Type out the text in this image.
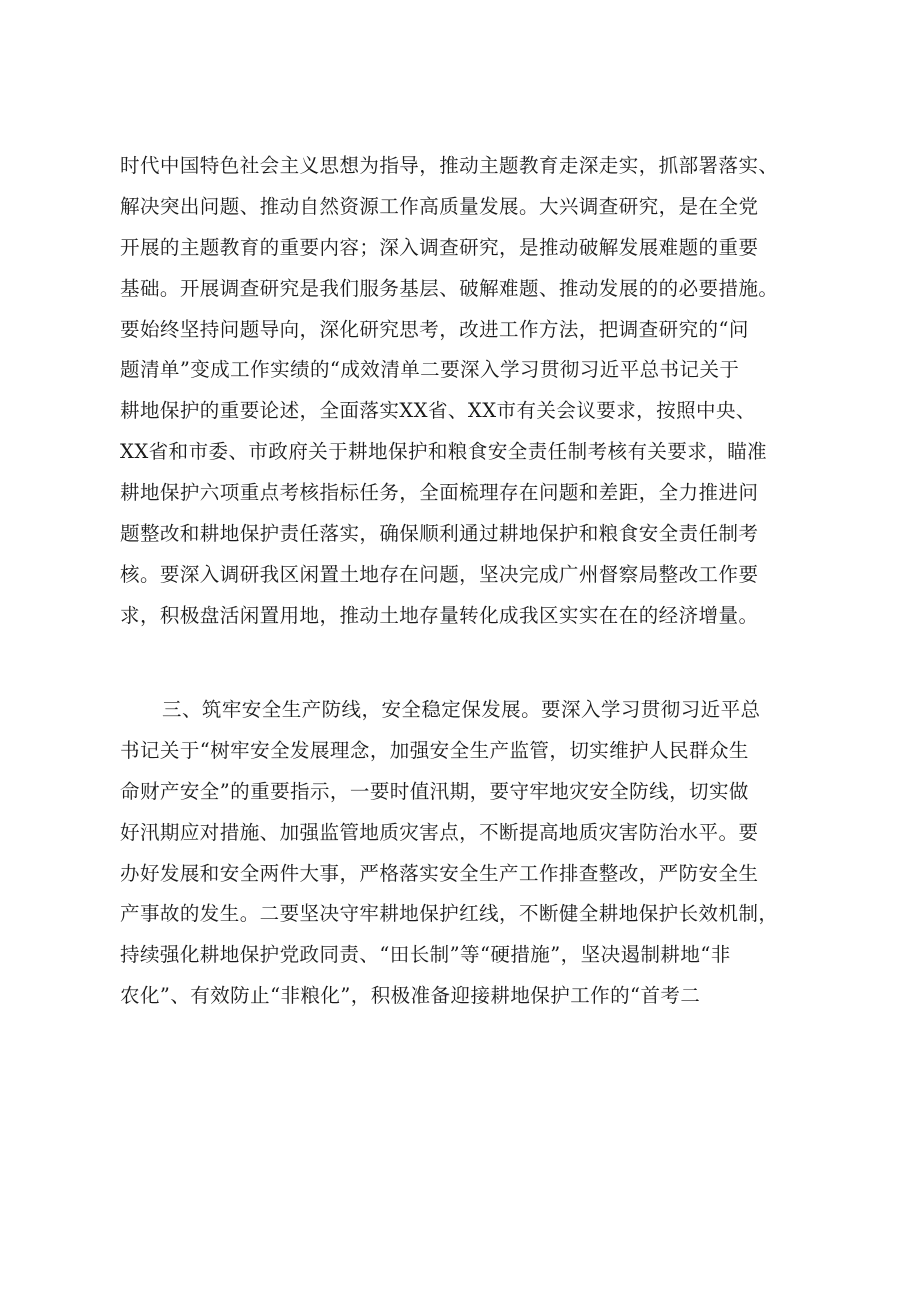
时代中国特色社会主义思想为指导，推动主题教育走深走实，抓部署落实、
解决突出问题、推动自然资源工作高质量发展。大兴调查研究，是在全党
开展的主题教育的重要内容；深入调查研究，是推动破解发展难题的重要
基础。开展调查研究是我们服务基层、破解难题、推动发展的的必要措施。
要始终坚持问题导向，深化研究思考，改进工作方法，把调查研究的“问
题清单”变成工作实绩的“成效清单二要深入学习贯彻习近平总书记关于
耕地保护的重要论述，全面落实XX省、XX市有关会议要求，按照中央、
XX省和市委、市政府关于耕地保护和粮食安全责任制考核有关要求，瞄准
耕地保护六项重点考核指标任务，全面梳理存在问题和差距，全力推进问
题整改和耕地保护责任落实，确保顺利通过耕地保护和粮食安全责任制考
核。要深入调研我区闲置土地存在问题，坚决完成广州督察局整改工作要
求，积极盘活闲置用地，推动土地存量转化成我区实实在在的经济增量。

三、筑牢安全生产防线，安全稳定保发展。要深入学习贯彻习近平总
书记关于“树牢安全发展理念，加强安全生产监管，切实维护人民群众生
命财产安全”的重要指示，一要时值汛期，要守牢地灾安全防线，切实做
好汛期应对措施、加强监管地质灾害点，不断提高地质灾害防治水平。要
办好发展和安全两件大事，严格落实安全生产工作排查整改，严防安全生
产事故的发生。二要坚决守牢耕地保护红线，不断健全耕地保护长效机制，
持续强化耕地保护党政同责、“田长制”等“硬措施”，坚决遏制耕地“非
农化”、有效防止“非粮化”，积极准备迎接耕地保护工作的“首考二
